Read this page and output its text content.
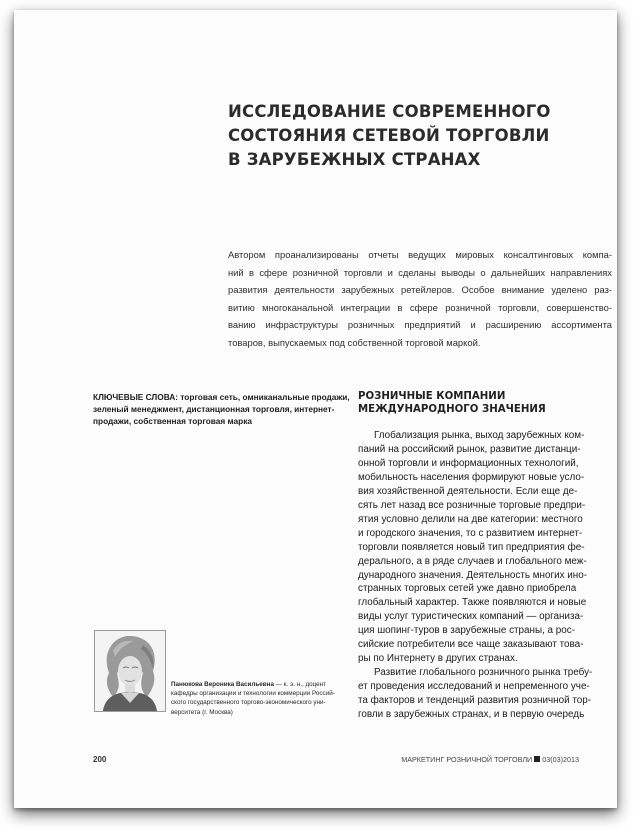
ИССЛЕДОВАНИЕ СОВРЕМЕННОГО
СОСТОЯНИЯ СЕТЕВОЙ ТОРГОВЛИ
В ЗАРУБЕЖНЫХ СТРАНАХ
Автором проанализированы отчеты ведущих мировых консалтинговых компа-
ний в сфере розничной торговли и сделаны выводы о дальнейших направлениях
развития деятельности зарубежных ретейлеров. Особое внимание уделено раз-
витию многоканальной интеграции в сфере розничной торговли, совершенство-
ванию инфраструктуры розничных предприятий и расширению ассортимента
товаров, выпускаемых под собственной торговой маркой.
КЛЮЧЕВЫЕ СЛОВА: торговая сеть, омниканальные продажи,
зеленый менеджмент, дистанционная торговля, интернет-
продажи, собственная торговая марка
РОЗНИЧНЫЕ КОМПАНИИ
МЕЖДУНАРОДНОГО ЗНАЧЕНИЯ
Глобализация рынка, выход зарубежных ком-
паний на российский рынок, развитие дистанци-
онной торговли и информационных технологий,
мобильность населения формируют новые усло-
вия хозяйственной деятельности. Если еще де-
сять лет назад все розничные торговые предпри-
ятия условно делили на две категории: местного
и городского значения, то с развитием интернет-
торговли появляется новый тип предприятия фе-
дерального, а в ряде случаев и глобального меж-
дународного значения. Деятельность многих ино-
странных торговых сетей уже давно приобрела
глобальный характер. Также появляются и новые
виды услуг туристических компаний — организа-
ция шопинг-туров в зарубежные страны, а рос-
сийские потребители все чаще заказывают това-
ры по Интернету в других странах.
Развитие глобального розничного рынка требу-
ет проведения исследований и непременного уче-
та факторов и тенденций развития розничной тор-
говли в зарубежных странах, и в первую очередь
Панюкова Вероника Васильевна — к. э. н., доцент
кафедры организации и технологии коммерции Россий-
ского государственного торгово-экономического уни-
верситета (г. Москва)
200	МАРКЕТИНГ РОЗНИЧНОЙ ТОРГОВЛИ 03(03)2013
